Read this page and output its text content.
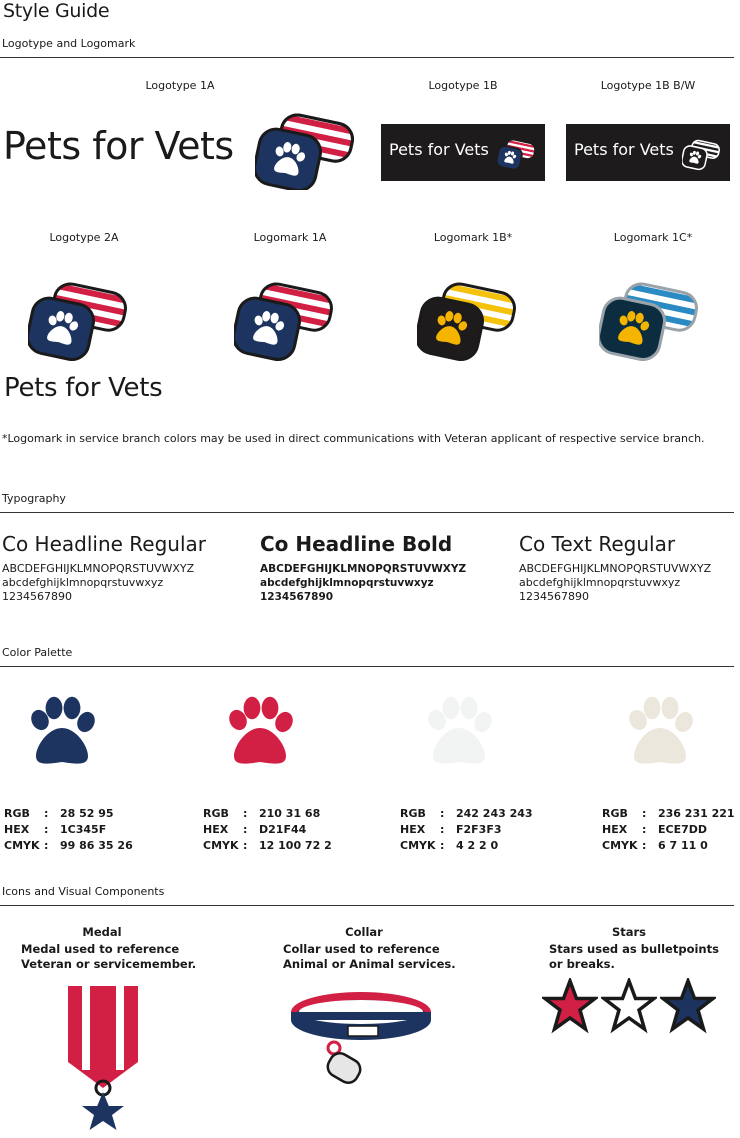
Style Guide
Logotype and Logomark
Logotype 1A	Logotype 1B	Logotype 1B B/W
Pets for Vets	Pets for Vets	Pets for Vets
Logotype 2A	Logomark 1A	Logomark 1B*	Logomark 1C*
Pets for Vets
*Logomark in service branch colors may be used in direct communications with Veteran applicant of respective service branch.
Typography
Co Headline Regular
ABCDEFGHIJKLMNOPQRSTUVWXYZ
abcdefghijklmnopqrstuvwxyz
1234567890
Co Headline Bold
ABCDEFGHIJKLMNOPQRSTUVWXYZ
abcdefghijklmnopqrstuvwxyz
1234567890
Co Text Regular
ABCDEFGHIJKLMNOPQRSTUVWXYZ
abcdefghijklmnopqrstuvwxyz
1234567890
Color Palette
RGB	:	28 52 95
HEX	:	1C345F
CMYK :	99 86 35 26
RGB	:	210 31 68
HEX	:	D21F44
CMYK :	12 100 72 2
RGB	:	242 243 243
HEX	:	F2F3F3
CMYK :	4 2 2 0
RGB	:	236 231 221
HEX	:	ECE7DD
CMYK :	6 7 11 0
Icons and Visual Components
Medal
Medal used to reference
Veteran or servicemember.
Collar
Collar used to reference
Animal or Animal services.
Stars
Stars used as bulletpoints
or breaks.
